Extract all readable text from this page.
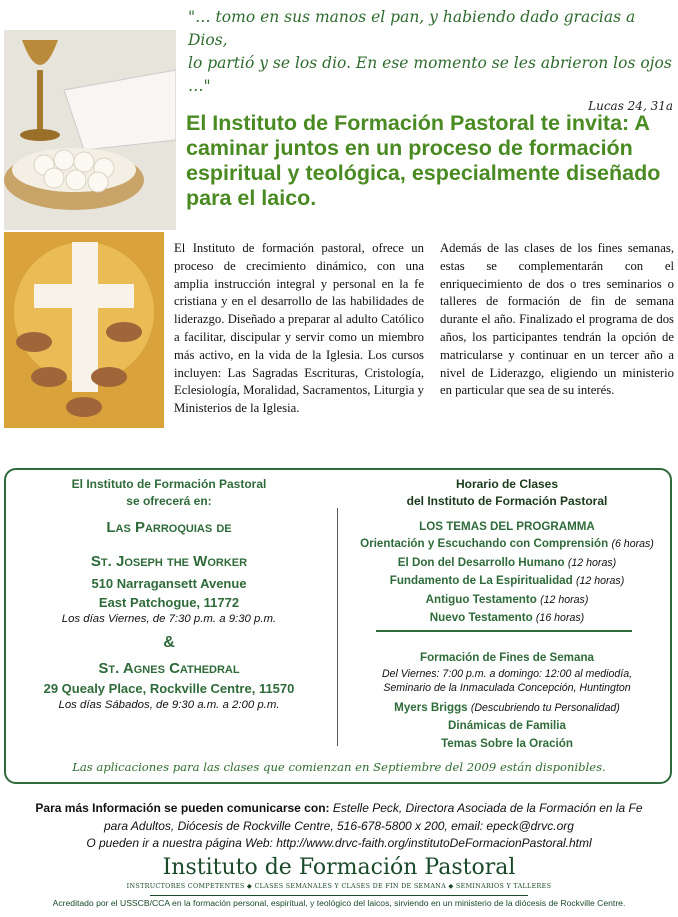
"… tomo en sus manos el pan, y habiendo dado gracias a Dios,
lo partió y se los dio. En ese momento se les abrieron los ojos …"
Lucas 24, 31a
El Instituto de Formación Pastoral te invita: A caminar juntos en un proceso de formación espiritual y teológica, especialmente diseñado para el laico.
El Instituto de formación pastoral, ofrece un proceso de crecimiento dinámico, con una amplia instrucción integral y personal en la fe cristiana y en el desarrollo de las habilidades de liderazgo. Diseñado a preparar al adulto Católico a facilitar, discipular y servir como un miembro más activo, en la vida de la Iglesia. Los cursos incluyen: Las Sagradas Escrituras, Cristología, Eclesiología, Moralidad, Sacramentos, Liturgia y Ministerios de la Iglesia.
Además de las clases de los fines semanas, estas se complementarán con el enriquecimiento de dos o tres seminarios o talleres de formación de fin de semana durante el año. Finalizado el programa de dos años, los participantes tendrán la opción de matricularse y continuar en un tercer año a nivel de Liderazgo, eligiendo un ministerio en particular que sea de su interés.
El Instituto de Formación Pastoral
se ofrecerá en:
Las Parroquias de
St. Joseph the Worker
510 Narragansett Avenue
East Patchogue, 11772
Los días Viernes, de 7:30 p.m. a 9:30 p.m.
&
St. Agnes Cathedral
29 Quealy Place, Rockville Centre, 11570
Los días Sábados, de 9:30 a.m. a 2:00 p.m.
Horario de Clases
del Instituto de Formación Pastoral
LOS TEMAS DEL PROGRAMMA
Orientación y Escuchando con Comprensión (6 horas)
El Don del Desarrollo Humano (12 horas)
Fundamento de La Espiritualidad (12 horas)
Antiguo Testamento (12 horas)
Nuevo Testamento (16 horas)
Formación de Fines de Semana
Del Viernes: 7:00 p.m. a domingo: 12:00 al mediodía,
Seminario de la Inmaculada Concepción, Huntington
Myers Briggs (Descubriendo tu Personalidad)
Dinámicas de Familia
Temas Sobre la Oración
Las aplicaciones para las clases que comienzan en Septiembre del 2009 están disponibles.
Para más Información se pueden comunicarse con: Estelle Peck, Directora Asociada de la Formación en la Fe
para Adultos, Diócesis de Rockville Centre, 516-678-5800 x 200, email: epeck@drvc.org
O pueden ir a nuestra página Web: http://www.drvc-faith.org/institutoDeFormacionPastoral.html
Instituto de Formación Pastoral
INSTRUCTORES COMPETENTES ◆ CLASES SEMANALES Y CLASES DE FIN DE SEMANA ◆ SEMINARIOS Y TALLERES
Acreditado por el USSCB/CCA en la formación personal, espiritual, y teológico del laicos, sirviendo en un ministerio de la diócesis de Rockville Centre.
